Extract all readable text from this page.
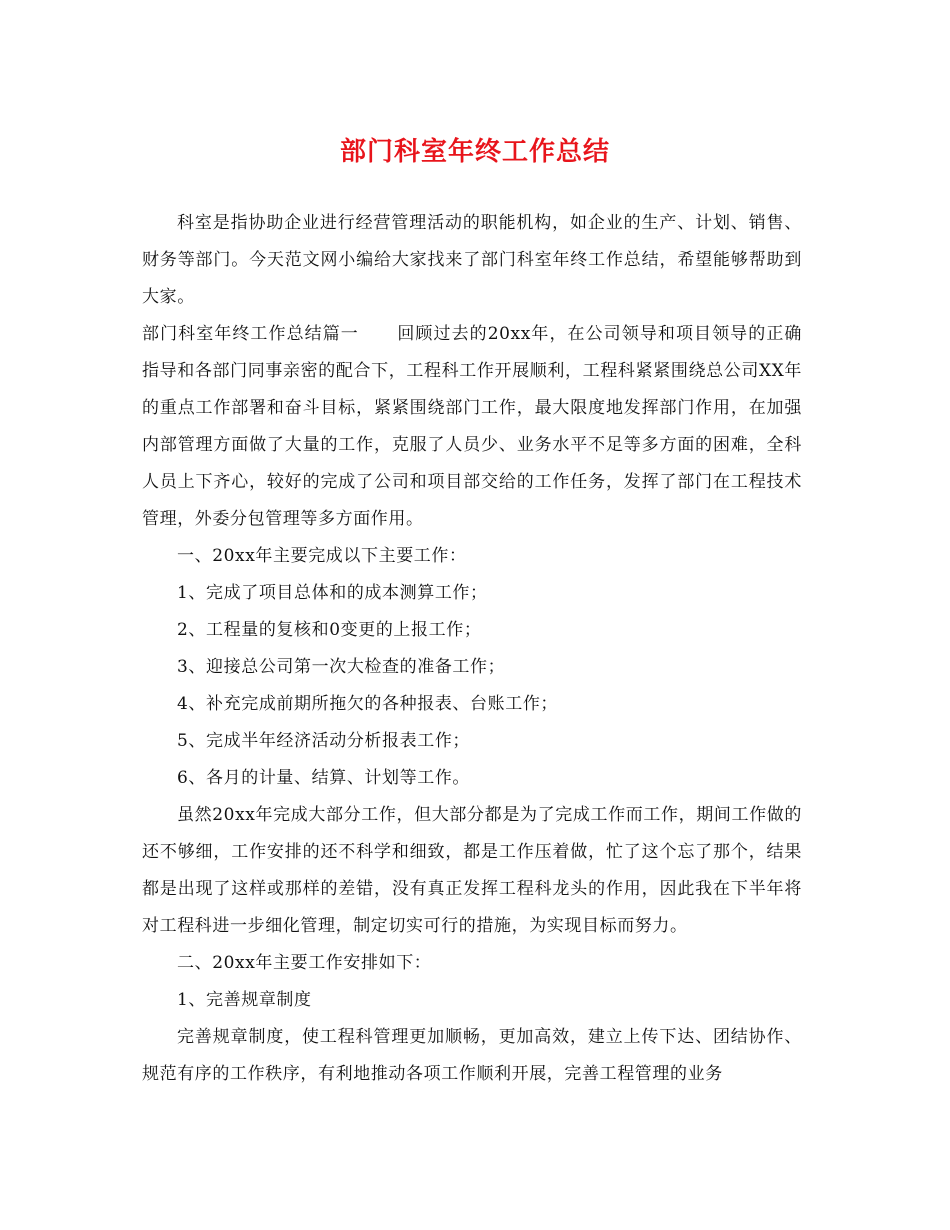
部门科室年终工作总结

科室是指协助企业进行经营管理活动的职能机构，如企业的生产、计划、销售、财务等部门。今天范文网小编给大家找来了部门科室年终工作总结，希望能够帮助到大家。

部门科室年终工作总结篇一 回顾过去的20xx年，在公司领导和项目领导的正确指导和各部门同事亲密的配合下，工程科工作开展顺利，工程科紧紧围绕总公司XX年的重点工作部署和奋斗目标，紧紧围绕部门工作，最大限度地发挥部门作用，在加强内部管理方面做了大量的工作，克服了人员少、业务水平不足等多方面的困难，全科人员上下齐心，较好的完成了公司和项目部交给的工作任务，发挥了部门在工程技术管理，外委分包管理等多方面作用。

一、20xx年主要完成以下主要工作：

1、完成了项目总体和的成本测算工作；

2、工程量的复核和0变更的上报工作；

3、迎接总公司第一次大检查的准备工作；

4、补充完成前期所拖欠的各种报表、台账工作；

5、完成半年经济活动分析报表工作；

6、各月的计量、结算、计划等工作。

虽然20xx年完成大部分工作，但大部分都是为了完成工作而工作，期间工作做的还不够细，工作安排的还不科学和细致，都是工作压着做，忙了这个忘了那个，结果都是出现了这样或那样的差错，没有真正发挥工程科龙头的作用，因此我在下半年将对工程科进一步细化管理，制定切实可行的措施，为实现目标而努力。

二、20xx年主要工作安排如下：

1、完善规章制度

完善规章制度，使工程科管理更加顺畅，更加高效，建立上传下达、团结协作、规范有序的工作秩序，有利地推动各项工作顺利开展，完善工程管理的业务
